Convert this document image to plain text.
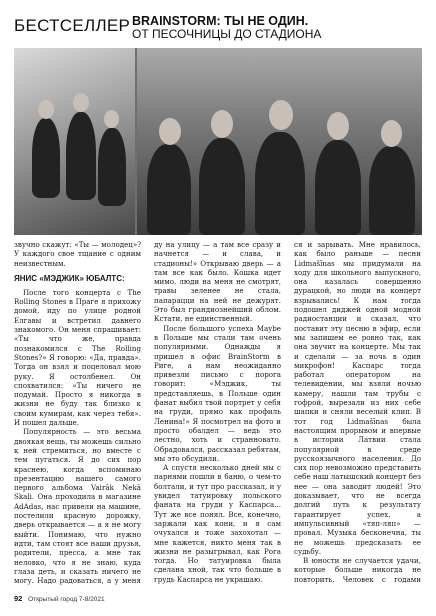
БЕСТСЕЛЛЕР BRAINSTORM: ТЫ НЕ ОДИН.
ОТ ПЕСОЧНИЦЫ ДО СТАДИОНА

звучно скажут: «Ты — молодец»? У каждого свое тщание с одним неизвестным.

ЯНИС «МЭДЖИК» ЮБАЛТС:

После того концерта с The Rolling Stones в Праге я прихожу домой, иду по улице родной Елгавы и встретил давнего знакомого. Он меня спрашивает: «Ты что же, правда познакомился с The Rolling Stones?» Я говорю: «Да, правда». Тогда он взял и поцеловал мою руку. Я остолбенел. Он спохватился: «Ты ничего не подумай. Просто я никогда в жизни не буду так близко к своим кумирам, как через тебя». И пошел дальше.

Популярность — это весьма двоякая вещь, ты можешь сильно к ней стремиться, но вместе с тем пугаться. Я до сих пор краснею, когда вспоминаю презентацию нашего самого первого альбома Vairāk Nekā Skaļi. Она проходила в магазине AdAdas, нас привели на машине, постелили красную дорожку, дверь открывается — а я не могу выйти. Понимаю, что нужно идти, там стоят все наши друзья, родители, пресса, а мне так неловко, что я не знаю, куда глаза деть, и сказать ничего не могу. Надо радоваться, а у меня

ду на улицу — а там все сразу и начнется — и слава, и стадионы!» Открываю дверь — а там все как было. Кошка идет мимо, люди на меня не смотрят, травы зеленее не стала, папарацци на ней не дежурят. Это был грандиознейший облом. Кстати, не единственный.

После большого успеха Maybe в Польше мы стали там очень популярными. Однажды я пришел в офис BrainStorm в Риге, а нам неожиданно привезли письмо с порога говорит: «Мэджик, ты представляешь, в Польше один фанат выбил твой портрет у себя на груди, прямо как профиль Ленина!» Я посмотрел на фото и просто обалдел — ведь это лестно, хоть и странновато. Обрадовался, рассказал ребятам, мы это обсудили.

А спустя несколько дней мы с парнями пошли в баню, о чем-то болтали, и тут про рассказал, и у увидел татуировку польского фаната на груди у Каспарса... Тут же все понял. Все, конечно, заржали как кони, и я сам очухался и тоже захохотал — мне кажется, никто меня так в жизни не разыгрывал, как Рога тогда. Но татуировка была сделана хной, так что больше в грудь Каспарса не украшаю.

ся и зарывать. Мне нравилось, как было раньше — песни Lidmašīnas мы придумали на ходу для школьного выпускного, она казалась совершенно дурацкой, но люди на концерт взрывались! К нам тогда подошел диджей одной модной радиостанции и сказал, что поставит эту песню в эфир, если мы запишем ее ровно так, как она звучит на концерте. Мы так и сделали — за ночь в один микрофон! Каспарс тогда работал оператором на телевидении, мы взяли ночью камеру, нашли там трубы с гофрой, вырезали из них себе шапки и сняли веселый клип. В тот год Lidmašīnas была настоящим прорывом и впервые в истории Латвии стала популярной в среде русскоязычного населения. До сих пор невозможно представить себе наш латышский концерт без нее — она заводит людей! Это доказывает, что не всегда долгий путь к результату гарантирует успех, а импульсивный «тяп-ляп» — провал. Музыка бесконечна, ты не можешь предсказать ее судьбу.

В юности не случается удачи, которые больше никогда не повторить. Человек с годами

92 Открытый город 7-8/2021
